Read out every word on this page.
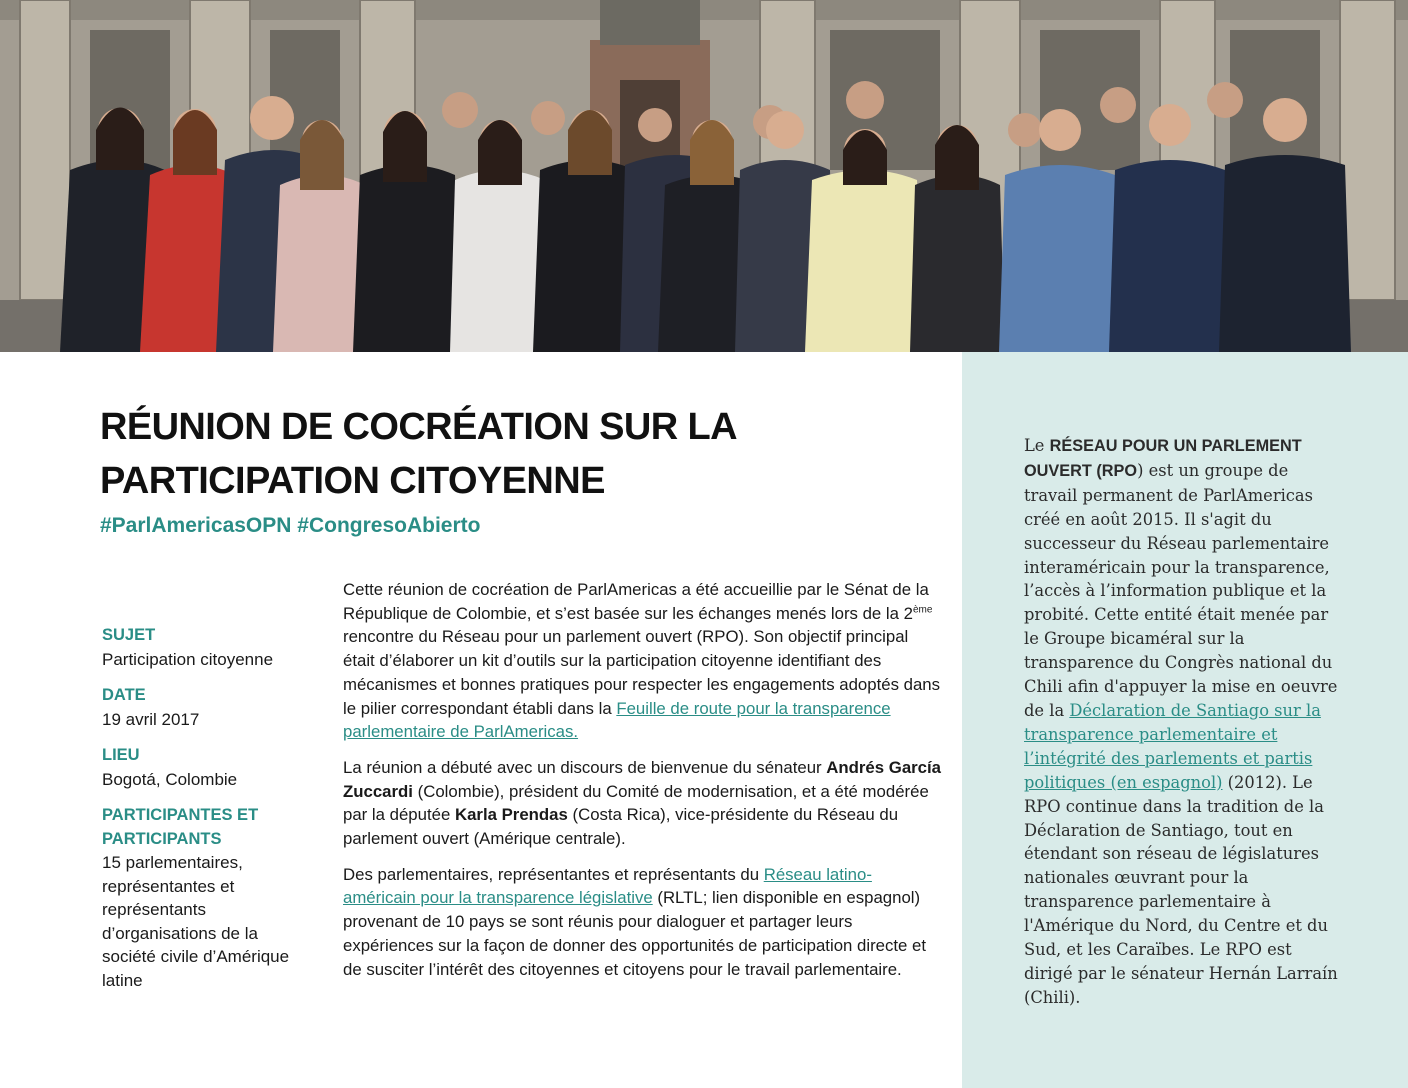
Le RÉSEAU POUR UN PARLEMENT OUVERT (RPO) est un groupe de travail permanent de ParlAmericas créé en août 2015. Il s'agit du successeur du Réseau parlementaire interaméricain pour la transparence, l’accès à l’information publique et la probité. Cette entité était menée par le Groupe bicaméral sur la transparence du Congrès national du Chili afin d'appuyer la mise en oeuvre de la Déclaration de Santiago sur la transparence parlementaire et l’intégrité des parlements et partis politiques (en espagnol) (2012). Le RPO continue dans la tradition de la Déclaration de Santiago, tout en étendant son réseau de législatures nationales œuvrant pour la transparence parlementaire à l'Amérique du Nord, du Centre et du Sud, et les Caraïbes. Le RPO est dirigé par le sénateur Hernán Larraín (Chili).
RÉUNION DE COCRÉATION SUR LA
PARTICIPATION CITOYENNE
#ParlAmericasOPN #CongresoAbierto
SUJET
Participation citoyenne
DATE
19 avril 2017
LIEU
Bogotá, Colombie
PARTICIPANTES ET PARTICIPANTS
15 parlementaires, représentantes et représentants d’organisations de la société civile d’Amérique latine

Cette réunion de cocréation de ParlAmericas a été accueillie par le Sénat de la République de Colombie, et s’est basée sur les échanges menés lors de la 2ème rencontre du Réseau pour un parlement ouvert (RPO). Son objectif principal était d’élaborer un kit d’outils sur la participation citoyenne identifiant des mécanismes et bonnes pratiques pour respecter les engagements adoptés dans le pilier correspondant établi dans la Feuille de route pour la transparence parlementaire de ParlAmericas.

La réunion a débuté avec un discours de bienvenue du sénateur Andrés García Zuccardi (Colombie), président du Comité de modernisation, et a été modérée par la députée Karla Prendas (Costa Rica), vice-présidente du Réseau du parlement ouvert (Amérique centrale).

Des parlementaires, représentantes et représentants du Réseau latino-américain pour la transparence législative (RLTL; lien disponible en espagnol) provenant de 10 pays se sont réunis pour dialoguer et partager leurs expériences sur la façon de donner des opportunités de participation directe et de susciter l’intérêt des citoyennes et citoyens pour le travail parlementaire.
